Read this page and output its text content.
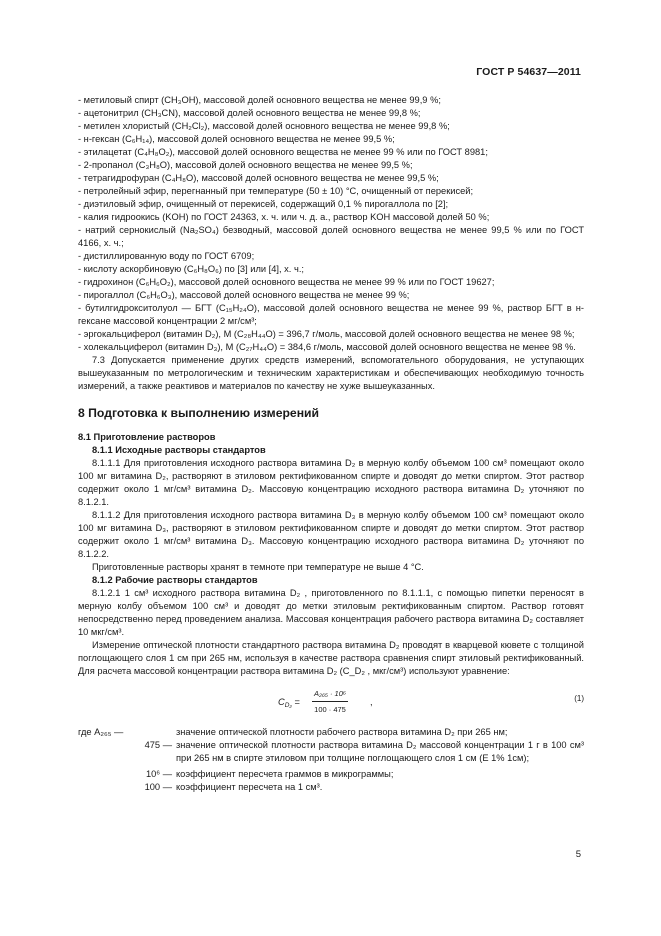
ГОСТ Р 54637—2011
- метиловый спирт (CH₃OH), массовой долей основного вещества не менее 99,9 %;
- ацетонитрил (CH₃CN), массовой долей основного вещества не менее 99,8 %;
- метилен хлористый (CH₂Cl₂), массовой долей основного вещества не менее 99,8 %;
- н-гексан (C₆H₁₄), массовой долей основного вещества не менее 99,5 %;
- этилацетат (C₄H₈O₂), массовой долей основного вещества не менее 99 % или по ГОСТ 8981;
- 2-пропанол (C₃H₈O), массовой долей основного вещества не менее 99,5 %;
- тетрагидрофуран (C₄H₈O), массовой долей основного вещества не менее 99,5 %;
- петролейный эфир, перегнанный при температуре (50 ± 10) °С, очищенный от перекисей;
- диэтиловый эфир, очищенный от перекисей, содержащий 0,1 % пирогаллола по [2];
- калия гидроокись (KOH) по ГОСТ 24363, х. ч. или ч. д. а., раствор KOH массовой долей 50 %;
- натрий сернокислый (Na₂SO₄) безводный, массовой долей основного вещества не менее 99,5 % или по ГОСТ 4166, х. ч.;
- дистиллированную воду по ГОСТ 6709;
- кислоту аскорбиновую (C₆H₈O₆) по [3] или [4], х. ч.;
- гидрохинон (C₆H₆O₂), массовой долей основного вещества не менее 99 % или по ГОСТ 19627;
- пирогаллол (C₆H₆O₃), массовой долей основного вещества не менее 99 %;
- бутилгидрокситолуол — БГТ (C₁₅H₂₄O), массовой долей основного вещества не менее 99 %, раствор БГТ в н-гексане массовой концентрации 2 мг/см³;
- эргокальциферол (витамин D₂), М (C₂₈H₄₄O) = 396,7 г/моль, массовой долей основного вещества не менее 98 %;
- холекальциферол (витамин D₃), М (C₂₇H₄₄O) = 384,6 г/моль, массовой долей основного вещества не менее 98 %.
7.3 Допускается применение других средств измерений, вспомогательного оборудования, не уступающих вышеуказанным по метрологическим и техническим характеристикам и обеспечивающих необходимую точность измерений, а также реактивов и материалов по качеству не хуже вышеуказанных.
8 Подготовка к выполнению измерений
8.1 Приготовление растворов
8.1.1 Исходные растворы стандартов
8.1.1.1 Для приготовления исходного раствора витамина D₂ в мерную колбу объемом 100 см³ помещают около 100 мг витамина D₂, растворяют в этиловом ректификованном спирте и доводят до метки спиртом. Этот раствор содержит около 1 мг/см³ витамина D₂. Массовую концентрацию исходного раствора витамина D₂ уточняют по 8.1.2.1.
8.1.1.2 Для приготовления исходного раствора витамина D₃ в мерную колбу объемом 100 см³ помещают около 100 мг витамина D₃, растворяют в этиловом ректификованном спирте и доводят до метки спиртом. Этот раствор содержит около 1 мг/см³ витамина D₃. Массовую концентрацию исходного раствора витамина D₂ уточняют по 8.1.2.2.
Приготовленные растворы хранят в темноте при температуре не выше 4 °С.
8.1.2 Рабочие растворы стандартов
8.1.2.1 1 см³ исходного раствора витамина D₂ , приготовленного по 8.1.1.1, с помощью пипетки переносят в мерную колбу объемом 100 см³ и доводят до метки этиловым ректификованным спиртом. Раствор готовят непосредственно перед проведением анализа. Массовая концентрация рабочего раствора витамина D₂ составляет 10 мкг/см³.
Измерение оптической плотности стандартного раствора витамина D₂ проводят в кварцевой кювете с толщиной поглощающего слоя 1 см при 265 нм, используя в качестве раствора сравнения спирт этиловый ректификованный. Для расчета массовой концентрации раствора витамина D₂ (C_D₂ , мкг/см³) используют уравнение:
$C_{D_2} = \frac{\text{A₂₆₅ · 10⁶}}{100 \cdot 475}$ ,	(1)
где A₂₆₅ —	значение оптической плотности рабочего раствора витамина D₂ при 265 нм;
475 — значение оптической плотности раствора витамина D₂ массовой концентрации 1 г в 100 см³ при 265 нм в спирте этиловом при толщине поглощающего слоя 1 см (E 1% 1см);
10⁶ — коэффициент пересчета граммов в микрограммы;
100 — коэффициент пересчета на 1 см³.
5
